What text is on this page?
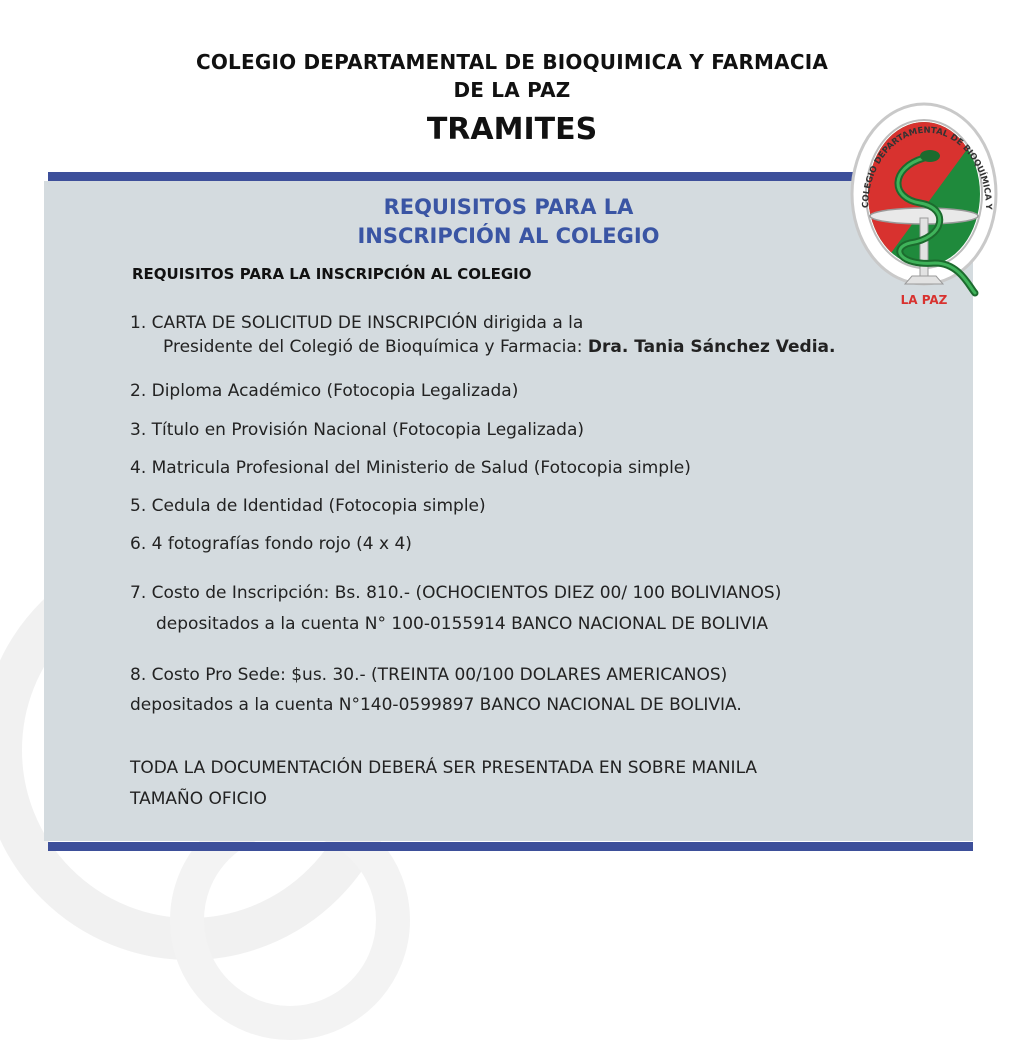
COLEGIO DEPARTAMENTAL DE BIOQUIMICA Y FARMACIA
DE LA PAZ
TRAMITES
REQUISITOS PARA LA
INSCRIPCIÓN AL COLEGIO
REQUISITOS PARA LA INSCRIPCIÓN AL COLEGIO
1. CARTA DE SOLICITUD DE INSCRIPCIÓN dirigida a la
Presidente del Colegió de Bioquímica y Farmacia: Dra. Tania Sánchez Vedia.
2. Diploma Académico (Fotocopia Legalizada)
3. Título en Provisión Nacional (Fotocopia Legalizada)
4. Matricula Profesional del Ministerio de Salud (Fotocopia simple)
5. Cedula de Identidad (Fotocopia simple)
6. 4 fotografías fondo rojo (4 x 4)
7. Costo de Inscripción: Bs. 810.- (OCHOCIENTOS DIEZ 00/ 100 BOLIVIANOS)
depositados a la cuenta N° 100-0155914 BANCO NACIONAL DE BOLIVIA
8. Costo Pro Sede: $us. 30.- (TREINTA 00/100 DOLARES AMERICANOS)
depositados a la cuenta N°140-0599897 BANCO NACIONAL DE BOLIVIA.
TODA LA DOCUMENTACIÓN DEBERÁ SER PRESENTADA EN SOBRE MANILA
TAMAÑO OFICIO
COLEGIO DEPARTAMENTAL DE BIOQUÍMICA Y
LA PAZ
